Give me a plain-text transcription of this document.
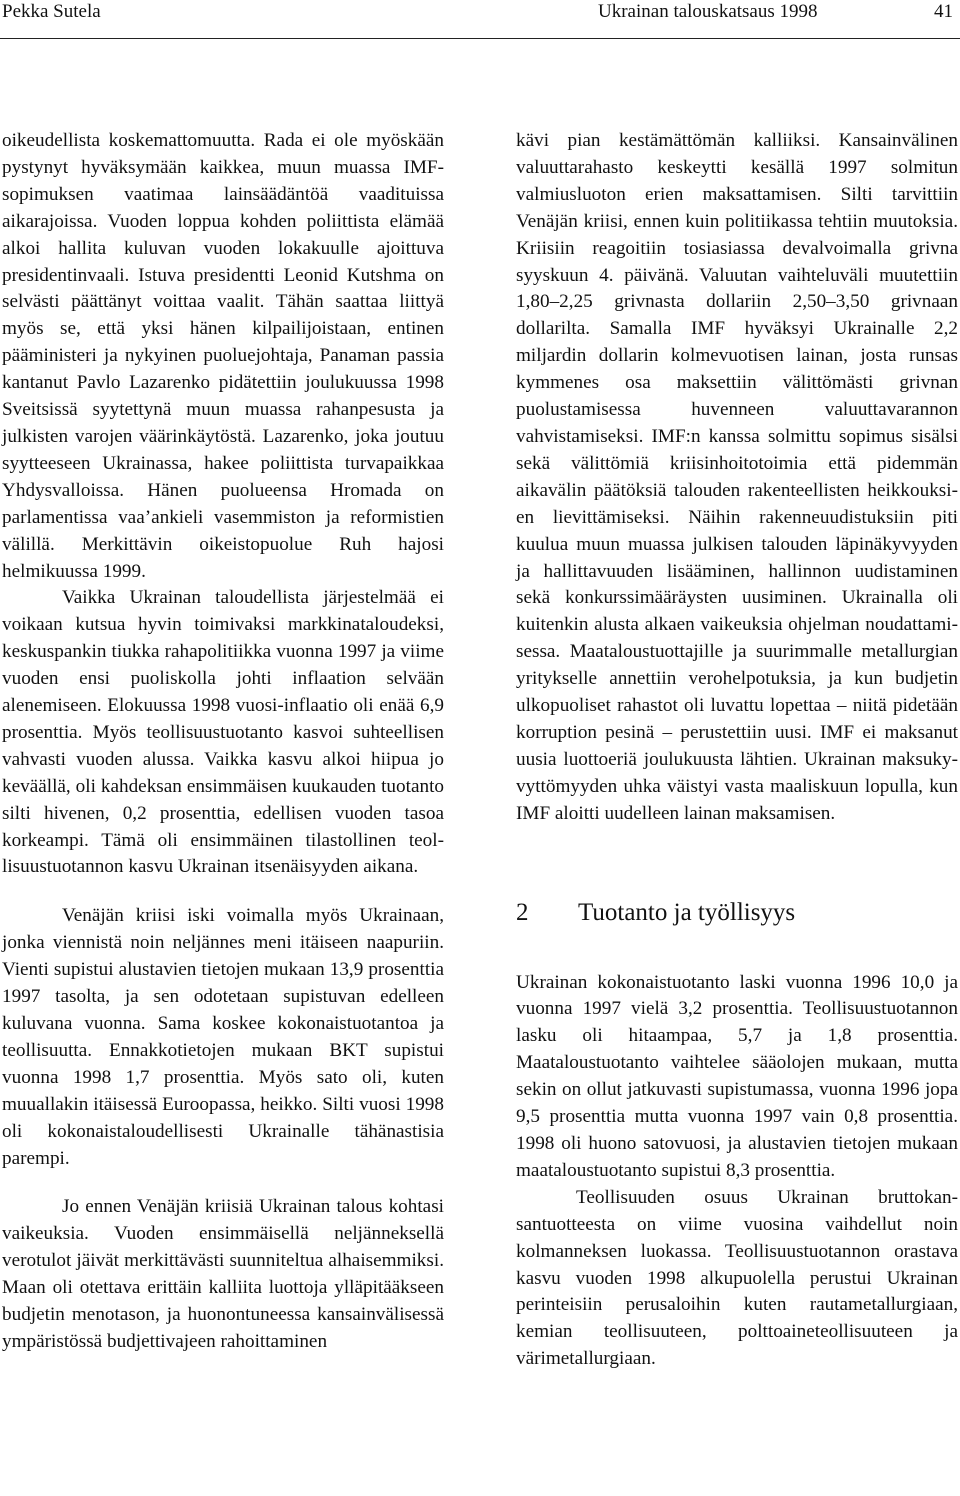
Pekka Sutela	Ukrainan talouskatsaus 1998	41

oikeudellista koskemattomuutta. Rada ei ole myöskään pystynyt hyväksymään kaikkea, muun muassa IMF-sopimuksen vaatimaa lainsäädäntöä vaadituissa aikarajoissa. Vuoden loppua kohden poliittista elämää alkoi hallita kuluvan vuoden lokakuulle ajoittuva presidentinvaali. Istuva presidentti Leonid Kutshma on selvästi päättänyt voittaa vaalit. Tähän saattaa liittyä myös se, että yksi hänen kilpailijoistaan, entinen pääministeri ja nykyinen puoluejohtaja, Panaman passia kantanut Pavlo Lazarenko pidätettiin joulukuussa 1998 Sveitsissä syytettynä muun muassa rahanpesusta ja julkisten varojen väärinkäytöstä. Lazarenko, joka joutuu syytteeseen Ukrainassa, hakee poliittista turvapaikkaa Yhdysvalloissa. Hänen puolueensa Hromada on parlamentissa vaa’ankieli vasemmiston ja reformistien välillä. Merkittävin oikeistopuolue Ruh hajosi helmikuussa 1999.

Vaikka Ukrainan taloudellista järjestelmää ei voikaan kutsua hyvin toimivaksi markkinataloudeksi, keskuspankin tiukka rahapolitiikka vuonna 1997 ja viime vuoden ensi puoliskolla johti inflaation selvään alenemiseen. Elokuussa 1998 vuosi-inflaatio oli enää 6,9 prosenttia. Myös teollisuustuotanto kasvoi suhteellisen vahvasti vuoden alussa. Vaikka kasvu alkoi hiipua jo keväällä, oli kahdeksan ensimmäisen kuukauden tuotanto silti hivenen, 0,2 prosenttia, edellisen vuoden tasoa korkeampi. Tämä oli ensimmäinen tilastollinen teollisuustuotannon kasvu Ukrainan itsenäisyyden aikana.

Venäjän kriisi iski voimalla myös Ukrainaan, jonka viennistä noin neljännes meni itäiseen naapuriin. Vienti supistui alustavien tietojen mukaan 13,9 prosenttia 1997 tasolta, ja sen odotetaan supistuvan edelleen kuluvana vuonna. Sama koskee kokonaistuotantoa ja teollisuutta. Ennakkotietojen mukaan BKT supistui vuonna 1998 1,7 prosenttia. Myös sato oli, kuten muuallakin itäisessä Euroopassa, heikko. Silti vuosi 1998 oli kokonaistaloudellisesti Ukrainalle tähänastisia parempi.

Jo ennen Venäjän kriisiä Ukrainan talous kohtasi vaikeuksia. Vuoden ensimmäisellä neljänneksellä verotulot jäivät merkittävästi suunniteltua alhaisemmiksi. Maan oli otettava erittäin kalliita luottoja ylläpitääkseen budjetin menotason, ja huonontuneessa kansainvälisessä ympäristössä budjettivajeen rahoittaminen

kävi pian kestämättömän kalliiksi. Kansainvälinen valuuttarahasto keskeytti kesällä 1997 solmitun valmiusluoton erien maksattamisen. Silti tarvittiin Venäjän kriisi, ennen kuin politiikassa tehtiin muutoksia. Kriisiin reagoitiin tosiasiassa devalvoimalla grivna syyskuun 4. päivänä. Valuutan vaihteluväli muutettiin 1,80–2,25 grivnasta dollariin 2,50–3,50 grivnaan dollarilta. Samalla IMF hyväksyi Ukrainalle 2,2 miljardin dollarin kolmevuotisen lainan, josta runsas kymmenes osa maksettiin välittömästi grivnan puolustamisessa huvenneen valuuttavarannon vahvistamiseksi. IMF:n kanssa solmittu sopimus sisälsi sekä välittömiä kriisinhoitotoimia että pidemmän aikavälin päätöksiä talouden rakenteellisten heikkouksien lievittämiseksi. Näihin rakenneuudistuksiin piti kuulua muun muassa julkisen talouden läpinäkyvyyden ja hallittavuuden lisääminen, hallinnon uudistaminen sekä konkurssimääräysten uusiminen. Ukrainalla oli kuitenkin alusta alkaen vaikeuksia ohjelman noudattamisessa. Maataloustuottajille ja suurimmalle metallurgian yritykselle annettiin verohelpotuksia, ja kun budjetin ulkopuoliset rahastot oli luvattu lopettaa – niitä pidetään korruption pesinä – perustettiin uusi. IMF ei maksanut uusia luottoeriä joulukuusta lähtien. Ukrainan maksukyvyttömyyden uhka väistyi vasta maaliskuun lopulla, kun IMF aloitti uudelleen lainan maksamisen.

2 Tuotanto ja työllisyys

Ukrainan kokonaistuotanto laski vuonna 1996 10,0 ja vuonna 1997 vielä 3,2 prosenttia. Teollisuustuotannon lasku oli hitaampaa, 5,7 ja 1,8 prosenttia. Maataloustuotanto vaihtelee sääolojen mukaan, mutta sekin on ollut jatkuvasti supistumassa, vuonna 1996 jopa 9,5 prosenttia mutta vuonna 1997 vain 0,8 prosenttia. 1998 oli huono satovuosi, ja alustavien tietojen mukaan maataloustuotanto supistui 8,3 prosenttia.

Teollisuuden osuus Ukrainan bruttokansantuotteesta on viime vuosina vaihdellut noin kolmanneksen luokassa. Teollisuustuotannon orastava kasvu vuoden 1998 alkupuolella perustui Ukrainan perinteisiin perusaloihin kuten rautametallurgiaan, kemian teollisuuteen, polttoaineteollisuuteen ja värimetallurgiaan.
